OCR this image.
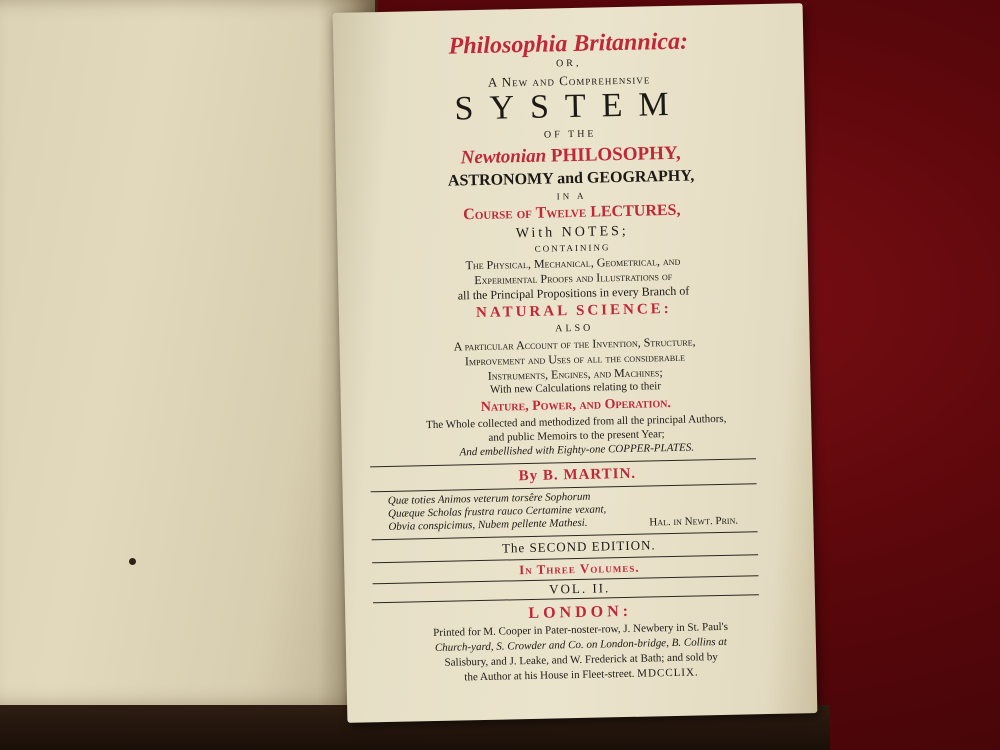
Philosophia Britannica:
OR,
A New and Comprehensive
SYSTEM
OF THE
Newtonian PHILOSOPHY,
ASTRONOMY and GEOGRAPHY,
IN A
Course of Twelve LECTURES,
With NOTES;
CONTAINING
The Physical, Mechanical, Geometrical, and
Experimental Proofs and Illustrations of
all the Principal Propositions in every Branch of
NATURAL SCIENCE:
ALSO
A particular Account of the Invention, Structure,
Improvement and Uses of all the considerable
Instruments, Engines, and Machines;
With new Calculations relating to their
Nature, Power, and Operation.
The Whole collected and methodized from all the principal Authors,
and public Memoirs to the present Year;
And embellished with Eighty-one COPPER-PLATES.
By B. MARTIN.
Quæ toties Animos veterum torsêre Sophorum
Quæque Scholas frustra rauco Certamine vexant,
Obvia conspicimus, Nubem pellente Mathesi.	Hal. in Newt. Prin.
The SECOND EDITION.
In Three Volumes.
VOL. II.
LONDON:
Printed for M. Cooper in Pater-noster-row, J. Newbery in St. Paul's
Church-yard, S. Crowder and Co. on London-bridge, B. Collins at
Salisbury, and J. Leake, and W. Frederick at Bath; and sold by
the Author at his House in Fleet-street. MDCCLIX.
